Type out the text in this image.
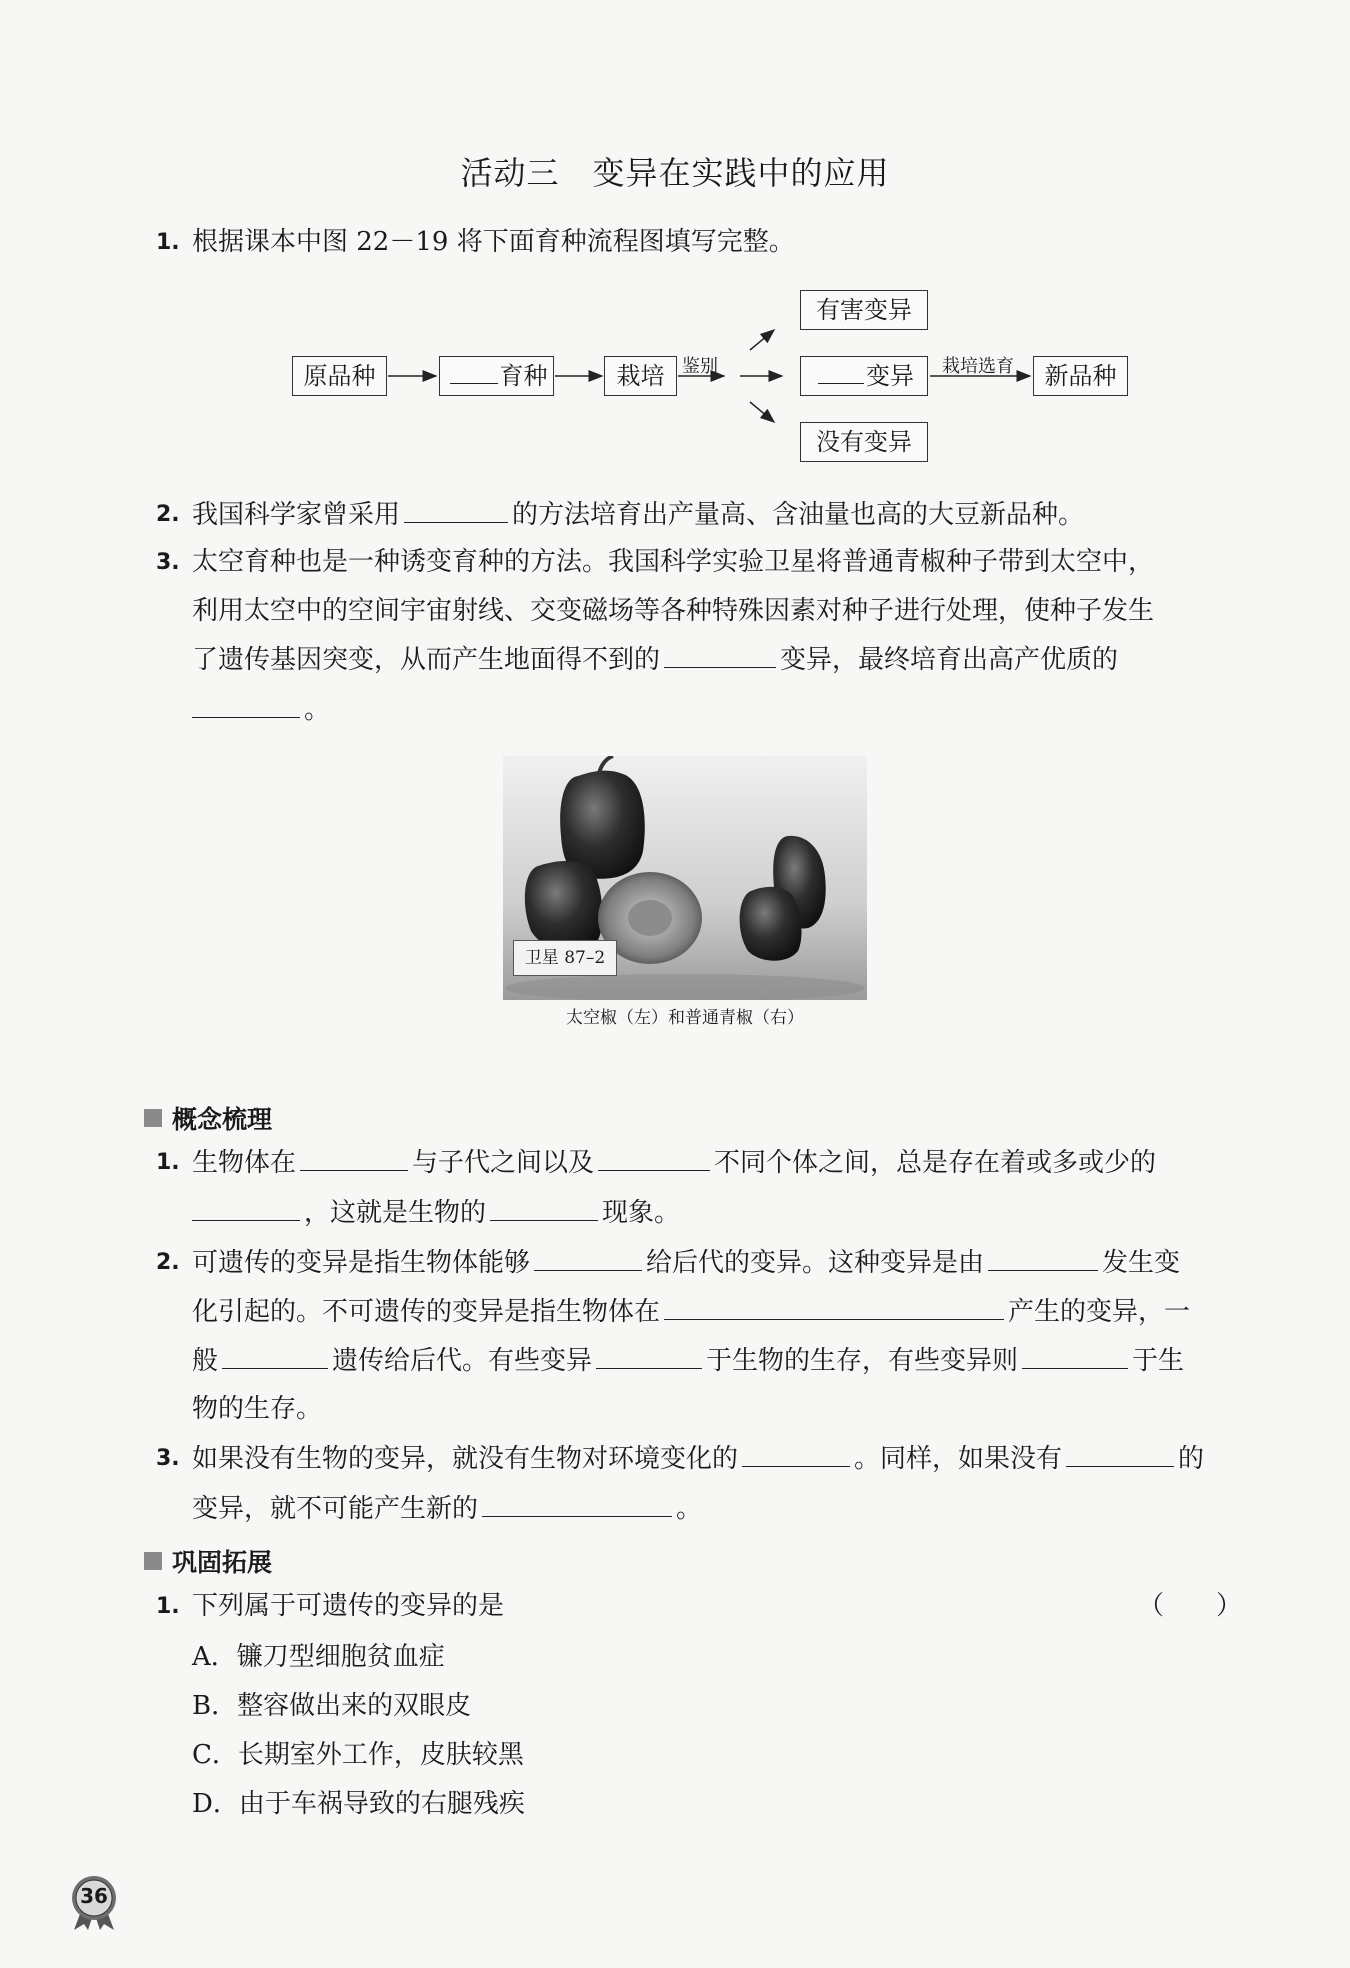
活动三　变异在实践中的应用
1. 根据课本中图 22－19 将下面育种流程图填写完整。
原品种	育种	栽培 鉴别
有害变异
变异
没有变异
栽培选育	新品种
2. 我国科学家曾采用	的方法培育出产量高、含油量也高的大豆新品种。
3. 太空育种也是一种诱变育种的方法。我国科学实验卫星将普通青椒种子带到太空中，
利用太空中的空间宇宙射线、交变磁场等各种特殊因素对种子进行处理，使种子发生
了遗传基因突变，从而产生地面得不到的	变异，最终培育出高产优质的
。
卫星 87–2
太空椒（左）和普通青椒（右）
概念梳理
1. 生物体在	与子代之间以及	不同个体之间，总是存在着或多或少的
，这就是生物的	现象。
2. 可遗传的变异是指生物体能够	给后代的变异。这种变异是由	发生变
化引起的。不可遗传的变异是指生物体在	产生的变异，一
般	遗传给后代。有些变异	于生物的生存，有些变异则	于生
物的生存。
3. 如果没有生物的变异，就没有生物对环境变化的	。同样，如果没有	的
变异，就不可能产生新的	。
巩固拓展
1. 下列属于可遗传的变异的是	（　　）
A．镰刀型细胞贫血症
B．整容做出来的双眼皮
C．长期室外工作，皮肤较黑
D．由于车祸导致的右腿残疾
36
